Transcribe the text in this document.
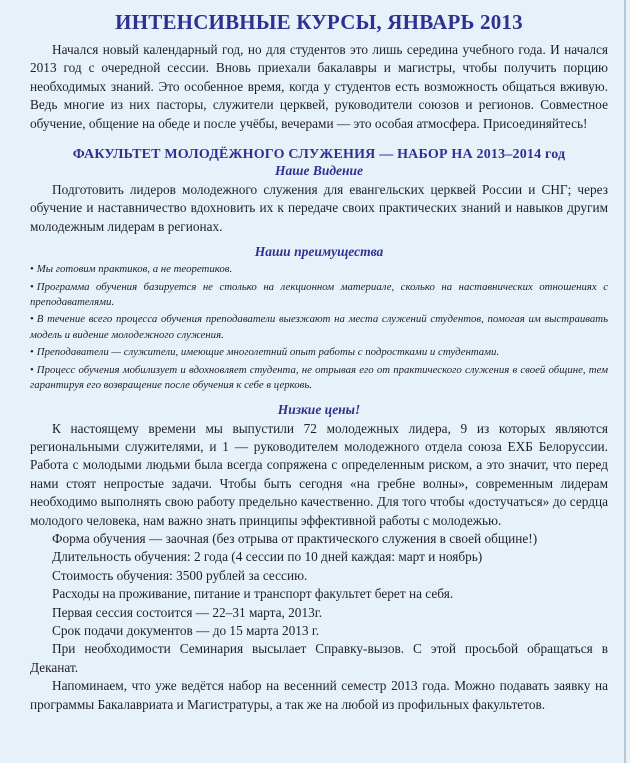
ИНТЕНСИВНЫЕ КУРСЫ, ЯНВАРЬ 2013

Начался новый календарный год, но для студентов это лишь середина учебного года. И начался 2013 год с очередной сессии. Вновь приехали бакалавры и магистры, чтобы получить порцию необходимых знаний. Это особенное время, когда у студентов есть возможность общаться вживую. Ведь многие из них пасторы, служители церквей, руководители союзов и регионов. Совместное обучение, общение на обеде и после учёбы, вечерами — это особая атмосфера. Присоединяйтесь!

ФАКУЛЬТЕТ МОЛОДЁЖНОГО СЛУЖЕНИЯ — НАБОР НА 2013–2014 год
Наше Видение

Подготовить лидеров молодежного служения для евангельских церквей России и СНГ; через обучение и наставничество вдохновить их к передаче своих практических знаний и навыков другим молодежным лидерам в регионах.

Наши преимущества
• Мы готовим практиков, а не теоретиков.
• Программа обучения базируется не столько на лекционном материале, сколько на наставнических отношениях с преподавателями.
• В течение всего процесса обучения преподаватели выезжают на места служений студентов, помогая им выстраивать модель и видение молодежного служения.
• Преподаватели — служители, имеющие многолетний опыт работы с подростками и студентами.
• Процесс обучения мобилизует и вдохновляет студента, не отрывая его от практического служения в своей общине, тем гарантируя его возвращение после обучения к себе в церковь.
Низкие цены!

К настоящему времени мы выпустили 72 молодежных лидера, 9 из которых являются региональными служителями, и 1 — руководителем молодежного отдела союза ЕХБ Белоруссии. Работа с молодыми людьми была всегда сопряжена с определенным риском, а это значит, что перед нами стоят непростые задачи. Чтобы быть сегодня «на гребне волны», современным лидерам необходимо выполнять свою работу предельно качественно. Для того чтобы «достучаться» до сердца молодого человека, нам важно знать принципы эффективной работы с молодежью.

Форма обучения — заочная (без отрыва от практического служения в своей общине!)

Длительность обучения: 2 года (4 сессии по 10 дней каждая: март и ноябрь)

Стоимость обучения: 3500 рублей за сессию.

Расходы на проживание, питание и транспорт факультет берет на себя.

Первая сессия состоится — 22–31 марта, 2013г.

Срок подачи документов — до 15 марта 2013 г.

При необходимости Семинария высылает Справку-вызов. С этой просьбой обращаться в Деканат.

Напоминаем, что уже ведётся набор на весенний семестр 2013 года. Можно подавать заявку на программы Бакалавриата и Магистратуры, а так же на любой из профильных факультетов.
